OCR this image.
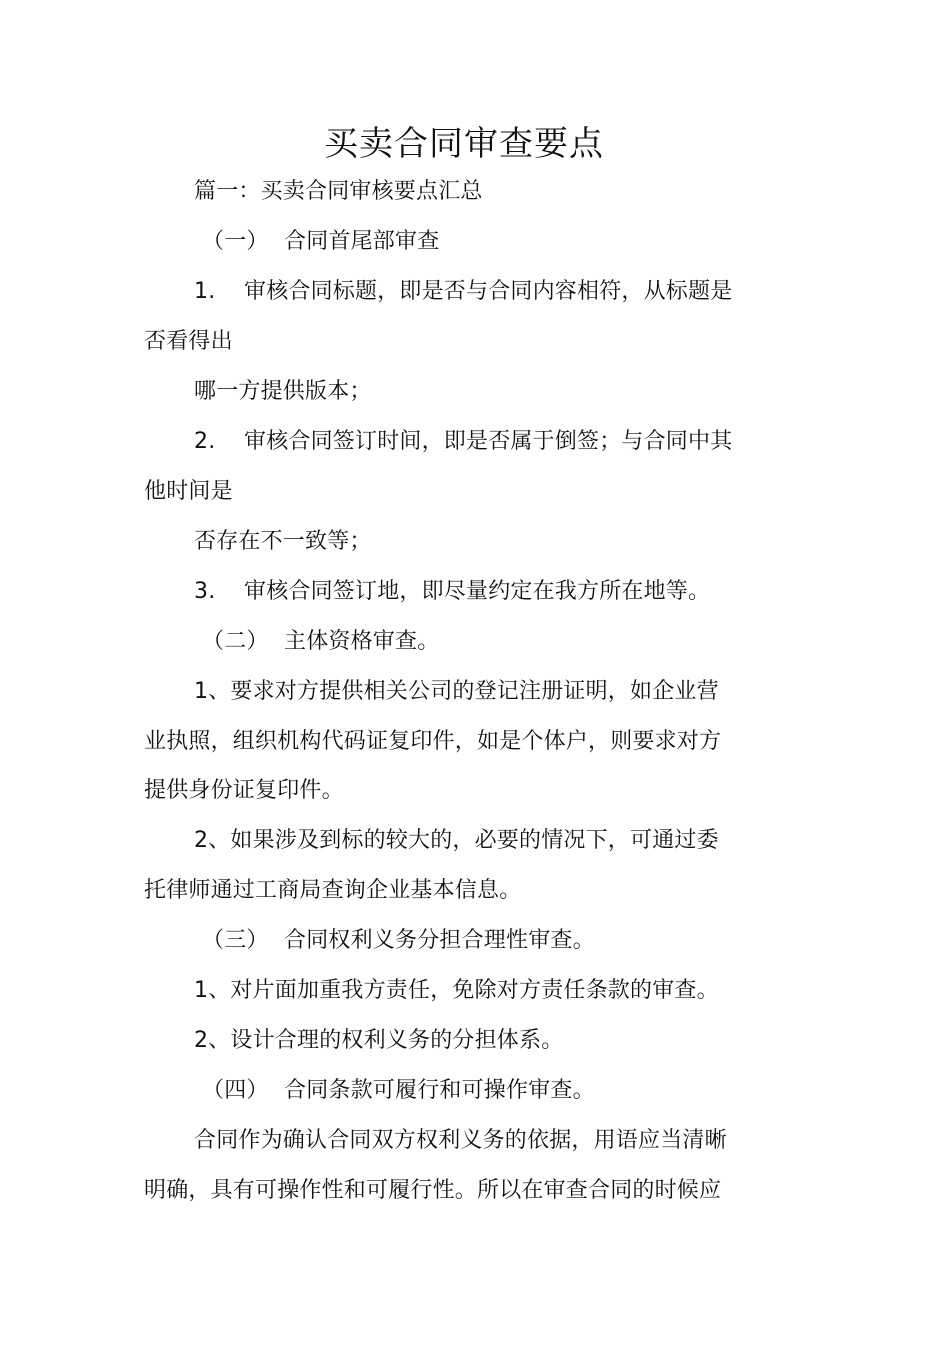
买卖合同审查要点
篇一：买卖合同审核要点汇总
（一） 合同首尾部审查
1. 审核合同标题，即是否与合同内容相符，从标题是
否看得出
哪一方提供版本；
2. 审核合同签订时间，即是否属于倒签；与合同中其
他时间是
否存在不一致等；
3. 审核合同签订地，即尽量约定在我方所在地等。
（二） 主体资格审查。
1、要求对方提供相关公司的登记注册证明，如企业营
业执照，组织机构代码证复印件，如是个体户，则要求对方
提供身份证复印件。
2、如果涉及到标的较大的，必要的情况下，可通过委
托律师通过工商局查询企业基本信息。
（三） 合同权利义务分担合理性审查。
1、对片面加重我方责任，免除对方责任条款的审查。
2、设计合理的权利义务的分担体系。
（四） 合同条款可履行和可操作审查。
合同作为确认合同双方权利义务的依据，用语应当清晰
明确，具有可操作性和可履行性。所以在审查合同的时候应
